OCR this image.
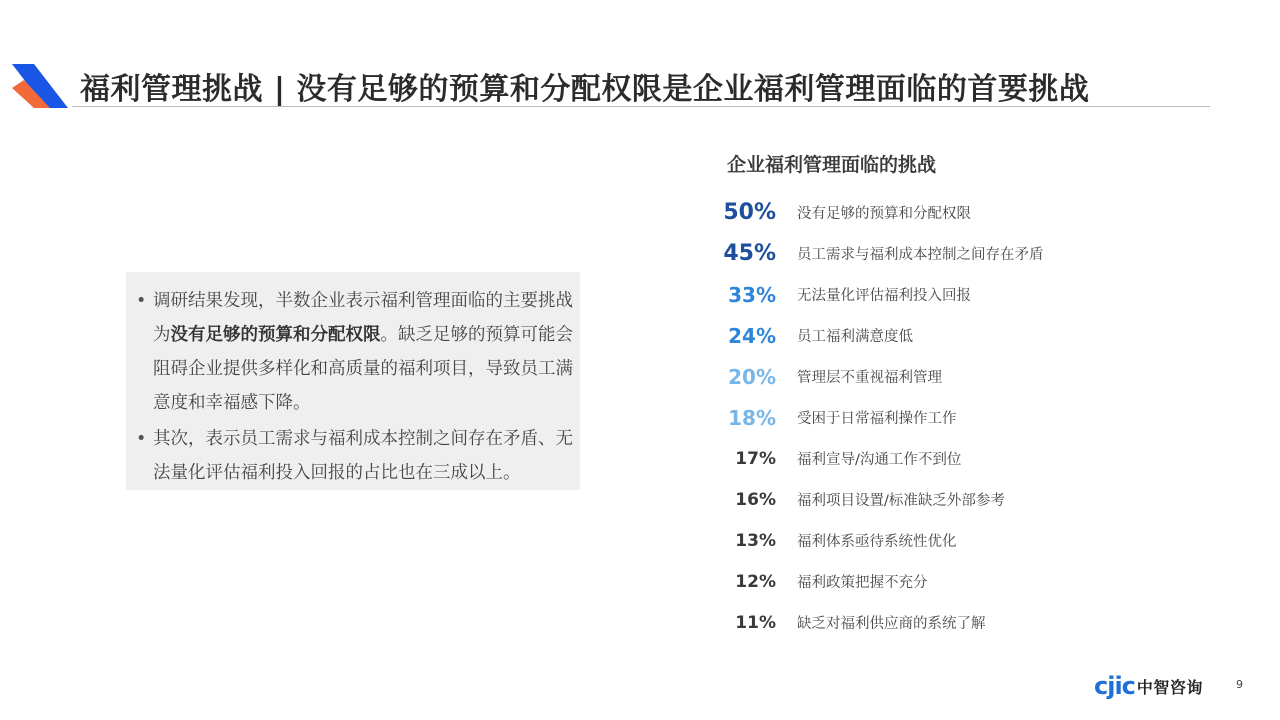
福利管理挑战 | 没有足够的预算和分配权限是企业福利管理面临的首要挑战

• 调研结果发现，半数企业表示福利管理面临的主要挑战为没有足够的预算和分配权限。缺乏足够的预算可能会阻碍企业提供多样化和高质量的福利项目，导致员工满意度和幸福感下降。

• 其次，表示员工需求与福利成本控制之间存在矛盾、无法量化评估福利投入回报的占比也在三成以上。

企业福利管理面临的挑战
50%	没有足够的预算和分配权限
45%	员工需求与福利成本控制之间存在矛盾
33%	无法量化评估福利投入回报
24%	员工福利满意度低
20%	管理层不重视福利管理
18%	受困于日常福利操作工作
17%	福利宣导/沟通工作不到位
16%	福利项目设置/标准缺乏外部参考
13%	福利体系亟待系统性优化
12%	福利政策把握不充分
11%	缺乏对福利供应商的系统了解
cjic 中智咨询	9
